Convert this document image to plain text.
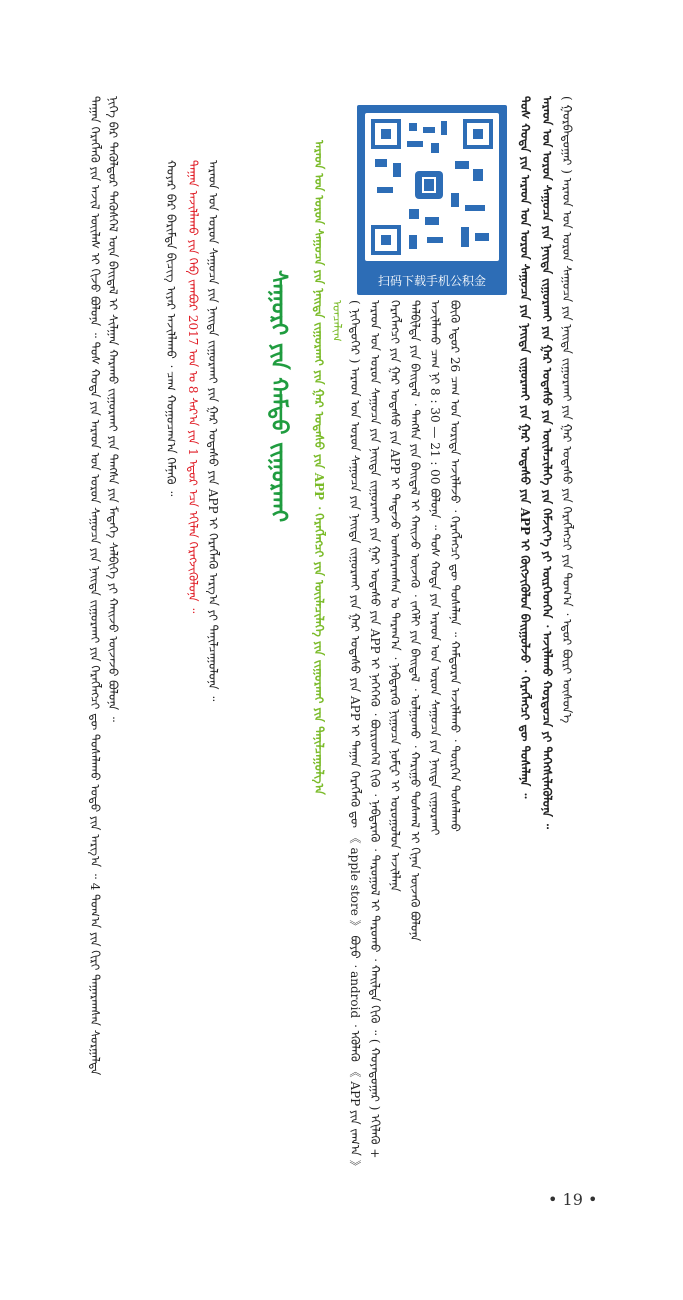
ᠳᠠᠭᠠᠨ ᠬᠡᠷᠡᠭᠯᠡᠬᠦ ᠶᠢᠨ ᠠᠵᠢᠯ ᠦᠢᠯᠡᠰ ᠢ ᠬᠢᠵᠦ ᠪᠣᠯᠣᠨᠠ ᠃ ᠲᠤᠰ ᠬᠣᠲᠠ ᠶᠢᠨ ᠠᠷᠠᠳ ᠤᠨ ᠣᠷᠣᠨ ᠰᠠᠭᠤᠴᠠ ᠶᠢᠨ ᠨᠡᠢᠲᠡ ᠵᠢᠭᠤᠷᠬᠠᠢ ᠶᠢᠨ ᠬᠡᠷᠡᠭᠯᠡᠭᠴᠢ ᠳᠦ ᠲᠤᠰᠠᠯᠠᠬᠤ ᠣᠳᠣ ᠶᠢᠨ ᠠᠷᠭ᠎ᠠ ᠃ 4 ᠲᠣᠭ᠎ᠠ ᠶᠢᠨ ᠬᠢᠷᠢ ᠲᠠᠭᠠᠷᠠᠭᠰᠠᠨ ᠰᠤᠷᠭᠠᠯᠲᠠ ᠨᠢᠭᠡ ᠪᠠᠷ ᠲᠡᠭᠦᠯᠳᠦᠷ ᠲᠡᠭᠦᠰᠭᠡᠯ ᠦᠨ ᠪᠠᠢᠳᠠᠯ ᠢ ᠰᠢᠯᠭᠠᠨ ᠬᠠᠷᠠᠬᠤ ᠵᠢᠭᠤᠷᠬᠠᠢ ᠶᠢᠨ ᠳᠠᠩᠰᠠ ᠶᠢᠨ ᠮᠡᠳᠡᠭᠡ ᠰᠡᠯᠪᠢᠭᠡ ᠶᠢ ᠬᠠᠢᠵᠤ ᠦᠵᠡᠵᠦ ᠪᠣᠯᠣᠨᠠ ᠃	ᠬᠣᠶᠠᠷ ᠪᠠᠷ ᠪᠠᠷᠢᠮᠲᠠ ᠪᠢᠴᠢᠭ ᠢᠶᠡᠷ ᠠᠵᠢᠯᠯᠠᠬᠤ ᠂ ᠴᠠᠭ ᠬᠤᠭᠤᠴᠠᠭ᠎ᠠ ᠬᠡᠮᠨᠡᠬᠦ ᠃ ᠳᠠᠭᠠᠨ ᠠᠵᠢᠯᠯᠠᠬᠤ ᠶᠢᠨ ᠬᠡᠪ ᠵᠠᠭᠪᠤᠷ 2017 ᠣᠨ ᠤ 8 ᠰᠠᠷ᠎ᠠ ᠶᠢᠨ 1 ᠡᠳᠦᠷ ᠡᠴᠡ ᠡᠬᠢᠯᠡᠨ ᠬᠡᠷᠡᠭᠵᠢᠭᠦᠯᠦᠨᠡ ᠃ ᠠᠷᠠᠳ ᠤᠨ ᠣᠷᠣᠨ ᠰᠠᠭᠤᠴᠠ ᠶᠢᠨ ᠨᠡᠢᠲᠡ ᠵᠢᠭᠤᠷᠬᠠᠢ ᠶᠢᠨ ᠭᠠᠷ ᠤᠲᠠᠰᠤ ᠶᠢᠨ APP ᠢ ᠬᠡᠷᠡᠭᠯᠡᠬᠦ ᠠᠷᠭ᠎ᠠ ᠶᠢ ᠲᠠᠨᠢᠯᠴᠠᠭᠤᠯᠤᠨᠠ ᠃ ᠰᠠᠭᠤᠷᠢ ᠶᠢᠨ ᠬᠠᠮᠲᠤ ᠵᠢᠭᠤᠷᠬᠠᠢ	ᠠᠷᠠᠳ ᠤᠨ ᠣᠷᠣᠨ ᠰᠠᠭᠤᠴᠠ ᠶᠢᠨ ᠨᠡᠢᠲᠡ ᠵᠢᠭᠤᠷᠬᠠᠢ ᠶᠢᠨ ᠭᠠᠷ ᠤᠲᠠᠰᠤ ᠶᠢᠨ APP ᠂ ᠬᠡᠷᠡᠭᠯᠡᠭᠴᠢ ᠶᠢᠨ ᠦᠢᠯᠡᠴᠢᠯᠡᠭᠡ ᠶᠢᠨ ᠵᠢᠭᠤᠷᠬᠠᠢ ᠶᠢᠨ ᠲᠠᠨᠢᠯᠴᠠᠭᠤᠯᠭ᠎ᠠ ᠣᠨᠴᠠᠯᠢᠭ
扫码下载手机公积金
( ᠨᠢᠭᠡᠳᠦᠭᠡᠷ ) ᠠᠷᠠᠳ ᠤᠨ ᠣᠷᠣᠨ ᠰᠠᠭᠤᠴᠠ ᠶᠢᠨ ᠨᠡᠢᠲᠡ ᠵᠢᠭᠤᠷᠬᠠᠢ ᠶᠢᠨ ᠭᠠᠷ ᠤᠲᠠᠰᠤ ᠶᠢᠨ APP ᠢ ᠳᠠᠭᠠᠨ ᠬᠡᠷᠡᠭᠯᠡᠬᠦ ᠳᠦ 《 apple store 》 ᠪᠤᠶᠤ ᠂ android ᠂ ᠡᠬᠦᠯᠡᠬᠦ 《 APP ᠶᠢᠨ ᠵᠠᠬ᠎ᠠ 》 ᠠᠷᠠᠳ ᠤᠨ ᠣᠷᠣᠨ ᠰᠠᠭᠤᠴᠠ ᠶᠢᠨ ᠨᠡᠢᠲᠡ ᠵᠢᠭᠤᠷᠬᠠᠢ ᠶᠢᠨ ᠭᠠᠷ ᠤᠲᠠᠰᠤ ᠶᠢᠨ APP ᠢ ᠨᠡᠭᠡᠭᠡᠬᠦ ᠂ ᠪᠦᠷᠢᠳᠭᠡᠯ ᠬᠢᠬᠦ ᠂ ᠨᠡᠪᠲᠡᠷᠡᠬᠦ ᠂ ᠳᠠᠷᠤᠭᠤᠯ ᠢ ᠳᠠᠷᠤᠬᠤ ᠂ ᠬᠠᠢᠯᠲᠠ ᠬᠢᠬᠦ ᠃ ( ᠬᠣᠶᠠᠳᠤᠭᠠᠷ ) ᠡᠬᠢᠯᠡᠬᠦ + ᠬᠡᠷᠡᠭᠯᠡᠭᠴᠢ ᠶᠢᠨ ᠭᠠᠷ ᠤᠲᠠᠰᠤ ᠶᠢᠨ APP ᠢ ᠲᠠᠲᠠᠵᠤ ᠤᠭᠰᠠᠷᠠᠭᠰᠠᠨ ᠤ ᠳᠠᠷᠠᠭ᠎ᠠ ᠂ ᠨᠡᠪᠲᠡᠷᠡᠬᠦ ᠨᠢᠭᠤᠴᠠ ᠨᠣᠮᠧᠷ ᠢ ᠤᠷᠤᠭᠤᠯᠤᠨ ᠠᠵᠢᠯᠯᠠᠨᠠ ᠲᠠᠯᠪᠢᠯᠲᠠ ᠶᠢᠨ ᠪᠠᠢᠳᠠᠯ ᠂ ᠳᠠᠩᠰᠠ ᠶᠢᠨ ᠪᠠᠢᠳᠠᠯ ᠢ ᠬᠠᠢᠵᠤ ᠦᠵᠡᠬᠦ ᠂ ᠵᠡᠭᠡᠯᠢ ᠶᠢᠨ ᠪᠠᠢᠳᠠᠯ ᠂ ᠣᠯᠭᠣᠬᠤ ᠂ ᠬᠠᠷᠢᠭᠤ ᠲᠤᠰᠬᠠᠯ ᠢ ᠬᠢᠨᠠᠨ ᠦᠵᠡᠬᠦ ᠪᠣᠯᠣᠨᠠ ᠠᠵᠢᠯᠯᠠᠬᠤ ᠴᠠᠭ ᠨᠢ 8 : 30 — 21 : 00 ᠪᠣᠯᠣᠨᠠ ᠃ ᠲᠤᠰ ᠬᠣᠲᠠ ᠶᠢᠨ ᠠᠷᠠᠳ ᠤᠨ ᠣᠷᠣᠨ ᠰᠠᠭᠤᠴᠠ ᠶᠢᠨ ᠨᠡᠢᠲᠡ ᠵᠢᠭᠤᠷᠬᠠᠢ ᠪᠦᠬᠦ ᠡᠳᠦᠷ 26 ᠴᠠᠭ ᠤᠨ ᠤᠷᠢᠳᠠ ᠠᠵᠢᠯᠯᠠᠵᠤ ᠂ ᠬᠡᠷᠡᠭᠯᠡᠭᠴᠢ ᠳᠦ ᠲᠤᠰᠠᠯᠠᠨᠠ ᠃ ᠬᠠᠮᠲᠤᠷᠠᠨ ᠠᠵᠢᠯᠯᠠᠬᠤ ᠂ ᠲᠦᠷᠭᠡᠨ ᠲᠤᠰᠠᠯᠠᠬᠤ	ᠲᠤᠰ ᠬᠣᠲᠠ ᠶᠢᠨ ᠠᠷᠠᠳ ᠤᠨ ᠣᠷᠣᠨ ᠰᠠᠭᠤᠴᠠ ᠶᠢᠨ ᠨᠡᠢᠲᠡ ᠵᠢᠭᠤᠷᠬᠠᠢ ᠶᠢᠨ ᠭᠠᠷ ᠤᠲᠠᠰᠤ ᠶᠢᠨ APP ᠢ ᠬᠦᠭᠵᠢᠭᠦᠯᠦᠨ ᠪᠠᠢᠭᠤᠯᠵᠤ ᠂ ᠬᠡᠷᠡᠭᠯᠡᠭᠴᠢ ᠳᠦ ᠲᠤᠰᠠᠯᠠᠨᠠ ᠃ ᠠᠷᠠᠳ ᠤᠨ ᠣᠷᠣᠨ ᠰᠠᠭᠤᠴᠠ ᠶᠢᠨ ᠨᠡᠢᠲᠡ ᠵᠢᠭᠤᠷᠬᠠᠢ ᠶᠢᠨ ᠭᠠᠷ ᠤᠲᠠᠰᠤ ᠶᠢᠨ ᠦᠢᠯᠡᠴᠢᠯᠡᠭᠡ ᠶᠢᠨ ᠬᠡᠮᠵᠢᠶ᠎ᠡ ᠶᠢ ᠥᠷᠭᠡᠳᠭᠡᠨ ᠂ ᠠᠵᠢᠯᠯᠠᠬᠤ ᠬᠤᠷᠳᠤᠴᠠ ᠶᠢ ᠳᠡᠭᠡᠭᠰᠢᠯᠡᠭᠦᠯᠦᠨᠡ ᠃ ( ᠭᠤᠷᠪᠠᠳᠤᠭᠠᠷ ) ᠠᠷᠠᠳ ᠤᠨ ᠣᠷᠣᠨ ᠰᠠᠭᠤᠴᠠ ᠶᠢᠨ ᠨᠡᠢᠲᠡ ᠵᠢᠭᠤᠷᠬᠠᠢ ᠶᠢᠨ ᠭᠠᠷ ᠤᠲᠠᠰᠤ ᠶᠢᠨ ᠬᠡᠷᠡᠭᠯᠡᠭᠴᠢ ᠶᠢᠨ ᠲᠣᠭ᠎ᠠ ᠂ ᠡᠳᠦᠷ ᠪᠦᠷᠢ ᠥᠰᠦᠨ᠎ᠡ
• 19 •
